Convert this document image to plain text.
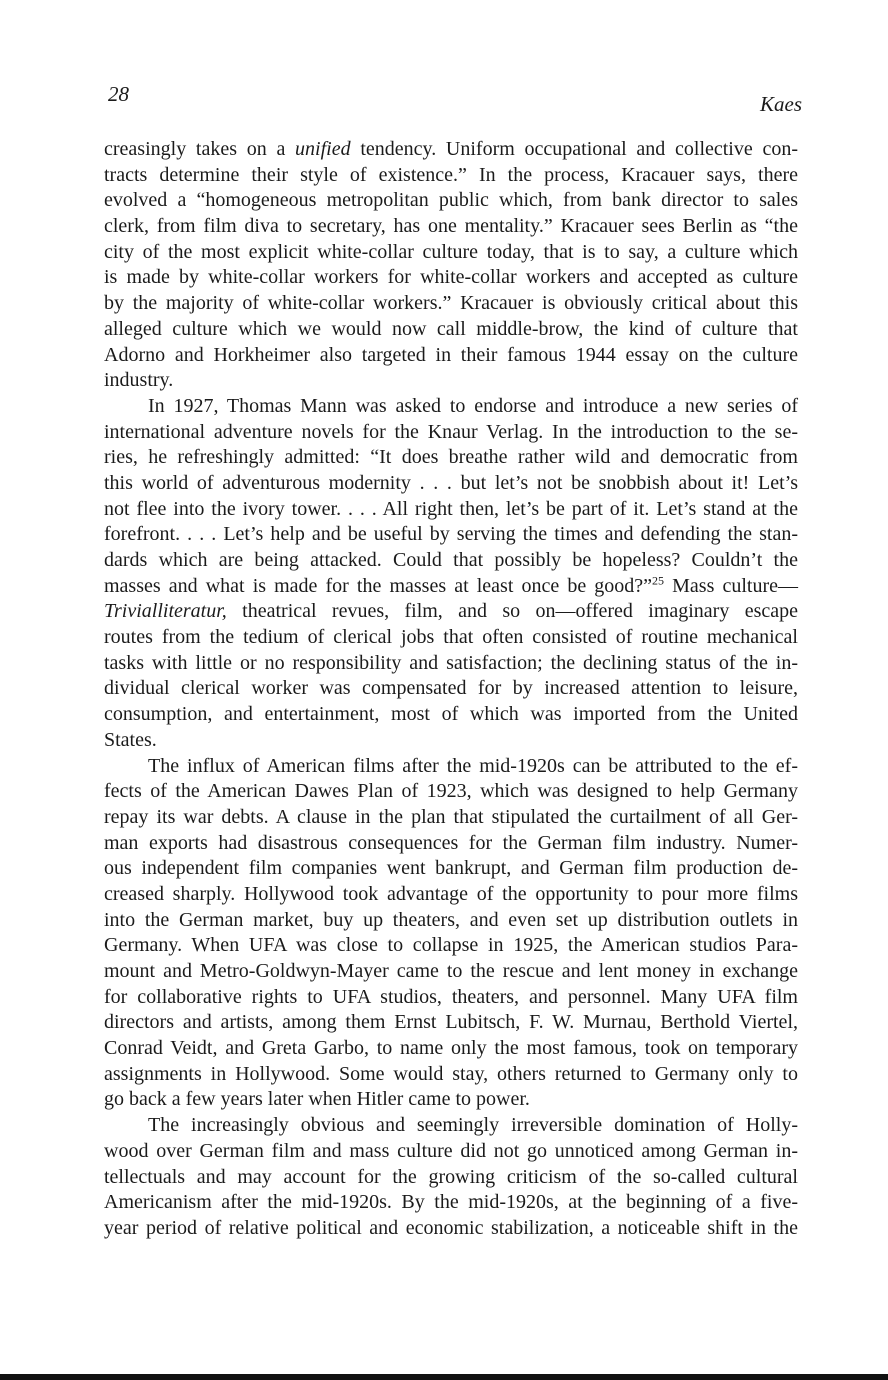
28	Kaes

creasingly takes on a unified tendency. Uniform occupational and collective con-
tracts determine their style of existence.” In the process, Kracauer says, there
evolved a “homogeneous metropolitan public which, from bank director to sales
clerk, from film diva to secretary, has one mentality.” Kracauer sees Berlin as “the
city of the most explicit white-collar culture today, that is to say, a culture which
is made by white-collar workers for white-collar workers and accepted as culture
by the majority of white-collar workers.” Kracauer is obviously critical about this
alleged culture which we would now call middle-brow, the kind of culture that
Adorno and Horkheimer also targeted in their famous 1944 essay on the culture
industry.

In 1927, Thomas Mann was asked to endorse and introduce a new series of
international adventure novels for the Knaur Verlag. In the introduction to the se-
ries, he refreshingly admitted: “It does breathe rather wild and democratic from
this world of adventurous modernity . . . but let’s not be snobbish about it! Let’s
not flee into the ivory tower. . . . All right then, let’s be part of it. Let’s stand at the
forefront. . . . Let’s help and be useful by serving the times and defending the stan-
dards which are being attacked. Could that possibly be hopeless? Couldn’t the
masses and what is made for the masses at least once be good?”$^{25}$ Mass culture—
Trivialliteratur, theatrical revues, film, and so on—offered imaginary escape
routes from the tedium of clerical jobs that often consisted of routine mechanical
tasks with little or no responsibility and satisfaction; the declining status of the in-
dividual clerical worker was compensated for by increased attention to leisure,
consumption, and entertainment, most of which was imported from the United
States.

The influx of American films after the mid-1920s can be attributed to the ef-
fects of the American Dawes Plan of 1923, which was designed to help Germany
repay its war debts. A clause in the plan that stipulated the curtailment of all Ger-
man exports had disastrous consequences for the German film industry. Numer-
ous independent film companies went bankrupt, and German film production de-
creased sharply. Hollywood took advantage of the opportunity to pour more films
into the German market, buy up theaters, and even set up distribution outlets in
Germany. When UFA was close to collapse in 1925, the American studios Para-
mount and Metro-Goldwyn-Mayer came to the rescue and lent money in exchange
for collaborative rights to UFA studios, theaters, and personnel. Many UFA film
directors and artists, among them Ernst Lubitsch, F. W. Murnau, Berthold Viertel,
Conrad Veidt, and Greta Garbo, to name only the most famous, took on temporary
assignments in Hollywood. Some would stay, others returned to Germany only to
go back a few years later when Hitler came to power.

The increasingly obvious and seemingly irreversible domination of Holly-
wood over German film and mass culture did not go unnoticed among German in-
tellectuals and may account for the growing criticism of the so-called cultural
Americanism after the mid-1920s. By the mid-1920s, at the beginning of a five-
year period of relative political and economic stabilization, a noticeable shift in the
